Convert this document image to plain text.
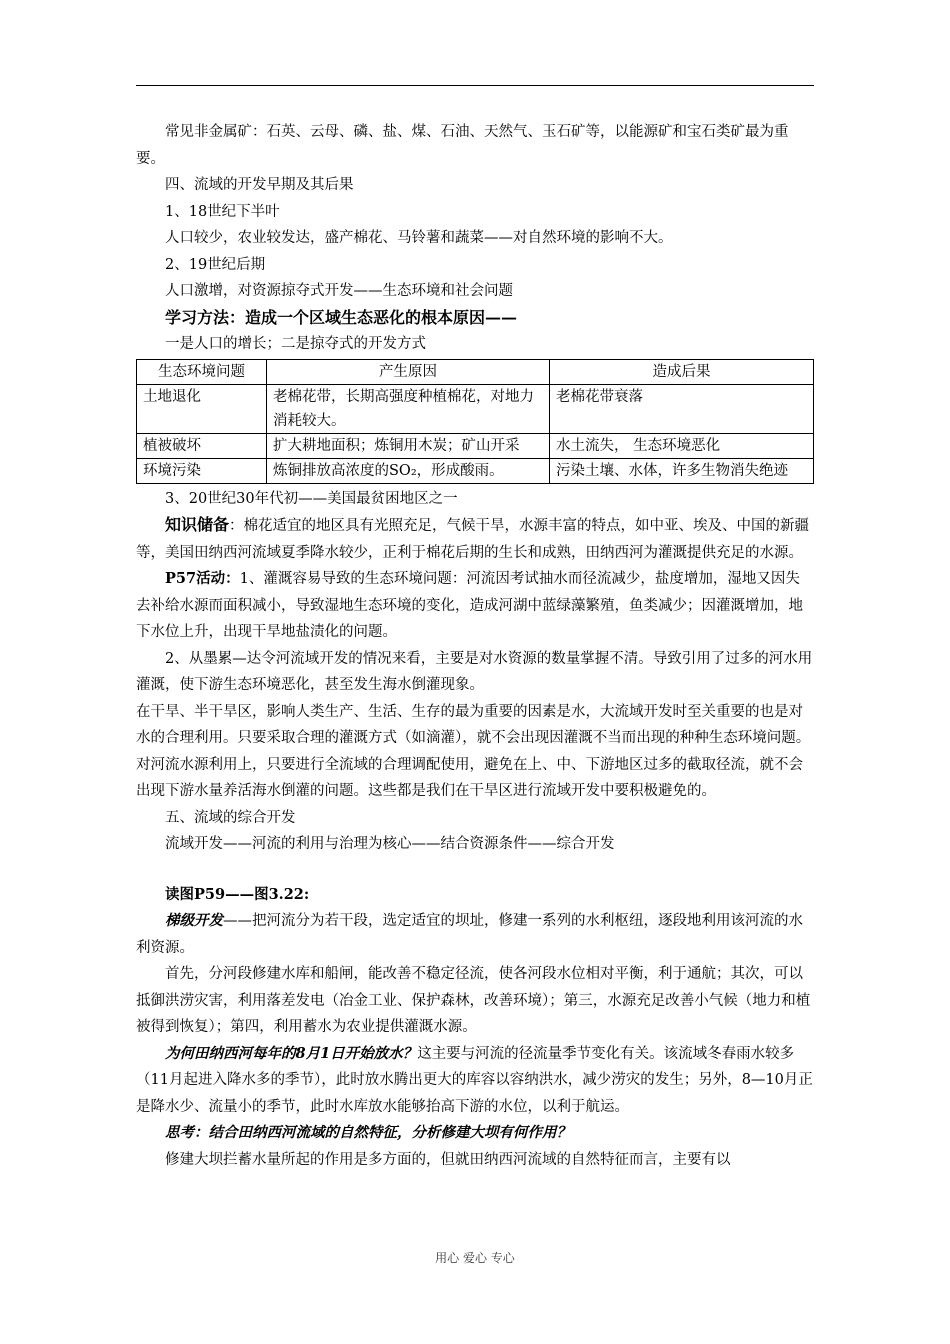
常见非金属矿：石英、云母、磷、盐、煤、石油、天然气、玉石矿等，以能源矿和宝石类矿最为重要。

四、流域的开发早期及其后果

1、18世纪下半叶

人口较少，农业较发达，盛产棉花、马铃薯和蔬菜——对自然环境的影响不大。

2、19世纪后期

人口激增，对资源掠夺式开发——生态环境和社会问题

学习方法：造成一个区域生态恶化的根本原因——

一是人口的增长；二是掠夺式的开发方式

生态环境问题	产生原因	造成后果
土地退化	老棉花带，长期高强度种植棉花，对地力消耗较大。	老棉花带衰落
植被破坏	扩大耕地面积；炼铜用木炭；矿山开采	水土流失， 生态环境恶化
环境污染	炼铜排放高浓度的SO₂，形成酸雨。	污染土壤、水体，许多生物消失绝迹

3、20世纪30年代初——美国最贫困地区之一

知识储备：棉花适宜的地区具有光照充足，气候干旱，水源丰富的特点，如中亚、埃及、中国的新疆等，美国田纳西河流域夏季降水较少，正利于棉花后期的生长和成熟，田纳西河为灌溉提供充足的水源。

P57活动：1、灌溉容易导致的生态环境问题：河流因考试抽水而径流减少，盐度增加，湿地又因失去补给水源而面积减小，导致湿地生态环境的变化，造成河湖中蓝绿藻繁殖，鱼类减少；因灌溉增加，地下水位上升，出现干旱地盐渍化的问题。

2、从墨累—达令河流域开发的情况来看，主要是对水资源的数量掌握不清。导致引用了过多的河水用灌溉，使下游生态环境恶化，甚至发生海水倒灌现象。

在干旱、半干旱区，影响人类生产、生活、生存的最为重要的因素是水，大流域开发时至关重要的也是对水的合理利用。只要采取合理的灌溉方式（如滴灌），就不会出现因灌溉不当而出现的种种生态环境问题。对河流水源利用上，只要进行全流域的合理调配使用，避免在上、中、下游地区过多的截取径流，就不会出现下游水量养活海水倒灌的问题。这些都是我们在干旱区进行流域开发中要积极避免的。

五、流域的综合开发

流域开发——河流的利用与治理为核心——结合资源条件——综合开发

读图P59——图3.22:

梯级开发——把河流分为若干段，选定适宜的坝址，修建一系列的水利枢纽，逐段地利用该河流的水利资源。

首先，分河段修建水库和船闸，能改善不稳定径流，使各河段水位相对平衡，利于通航；其次，可以抵御洪涝灾害，利用落差发电（冶金工业、保护森林，改善环境）；第三，水源充足改善小气候（地力和植被得到恢复）；第四，利用蓄水为农业提供灌溉水源。

为何田纳西河每年的8月1日开始放水？这主要与河流的径流量季节变化有关。该流域冬春雨水较多（11月起进入降水多的季节），此时放水腾出更大的库容以容纳洪水，减少涝灾的发生；另外，8—10月正是降水少、流量小的季节，此时水库放水能够抬高下游的水位，以利于航运。

思考：结合田纳西河流域的自然特征，分析修建大坝有何作用？

修建大坝拦蓄水量所起的作用是多方面的，但就田纳西河流域的自然特征而言，主要有以

用心 爱心 专心
